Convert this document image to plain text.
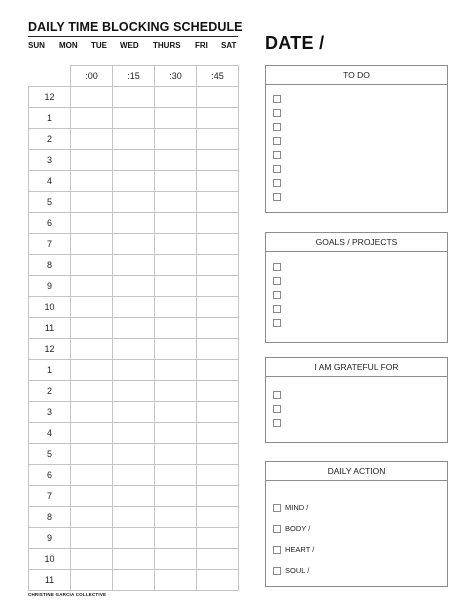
DAILY TIME BLOCKING SCHEDULE
SUN MON TUE WED THURS FRI SAT DATE /
	:00	:15	:30	:45
12				
1				
2				
3				
4				
5				
6				
7				
8				
9				
10				
11				
12				
1				
2				
3				
4				
5				
6				
7				
8				
9				
10				
11				
TO DO
GOALS / PROJECTS
I AM GRATEFUL FOR
DAILY ACTION
MIND /
BODY /
HEART /
SOUL /
CHRISTINE GARCIA COLLECTIVE
